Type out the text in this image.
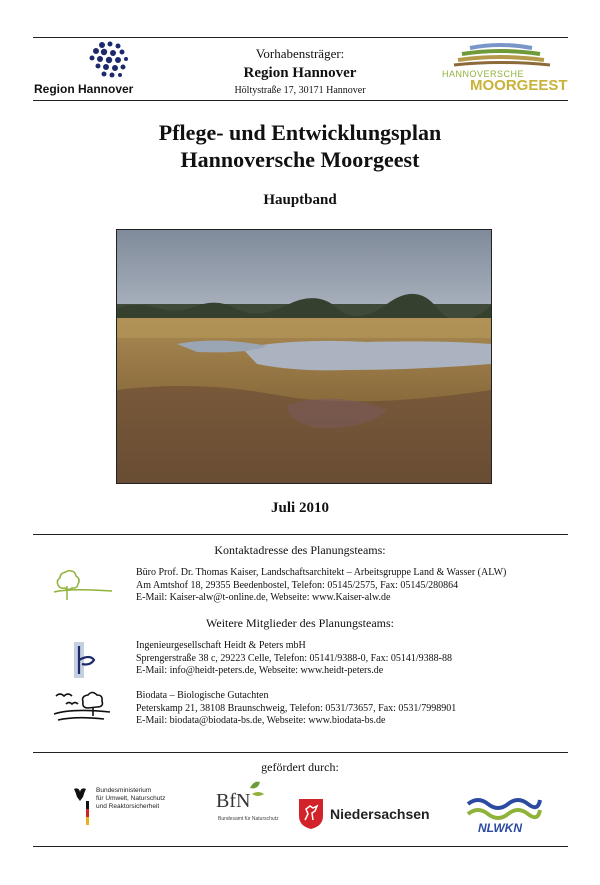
Region Hannover
Vorhabensträger:
Region Hannover
Höltystraße 17, 30171 Hannover
HANNOVERSCHE
MOORGEEST
Pflege- und Entwicklungsplan
Hannoversche Moorgeest
Hauptband
Juli 2010
Kontaktadresse des Planungsteams:
Büro Prof. Dr. Thomas Kaiser, Landschaftsarchitekt – Arbeitsgruppe Land & Wasser (ALW)
Am Amtshof 18, 29355 Beedenbostel, Telefon: 05145/2575, Fax: 05145/280864
E-Mail: Kaiser-alw@t-online.de, Webseite: www.Kaiser-alw.de
Weitere Mitglieder des Planungsteams:
Ingenieurgesellschaft Heidt & Peters mbH
Sprengerstraße 38 c, 29223 Celle, Telefon: 05141/9388-0, Fax: 05141/9388-88
E-Mail: info@heidt-peters.de, Webseite: www.heidt-peters.de
Biodata – Biologische Gutachten
Peterskamp 21, 38108 Braunschweig, Telefon: 0531/73657, Fax: 0531/7998901
E-Mail: biodata@biodata-bs.de, Webseite: www.biodata-bs.de
gefördert durch:
Bundesministerium
für Umwelt, Naturschutz
und Reaktorsicherheit	BfN
Bundesamt für Naturschutz	Niedersachsen
NLWKN
